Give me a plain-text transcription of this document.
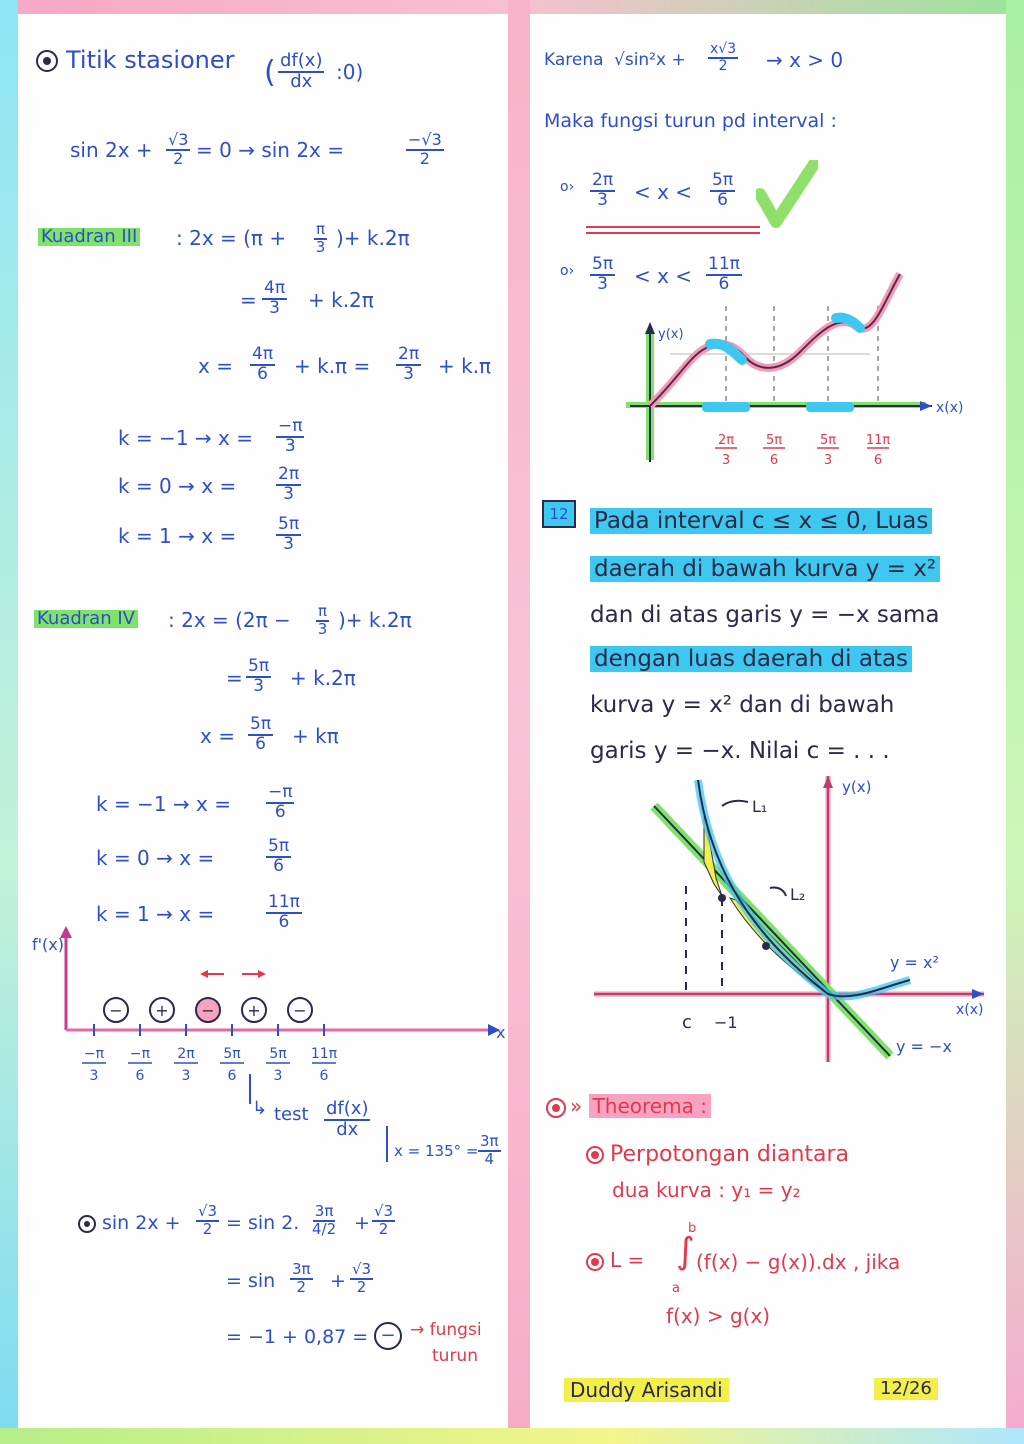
Titik stasioner ( $\frac{df(x)}{dx}$ :0)
$\sin 2x + \frac{√3}{2} = 0 \to \sin 2x$ =	$\frac{-√3}{2}$
Kuadran III : $2x = (\pi + \frac{\pi}{3}$ )+ k.2π
= $\frac{4\pi}{3} + k.2\pi$
$x = \frac{4\pi}{6} + k.\pi = \frac{2\pi}{3} + k.\pi$
$k = -1 \to x = \frac{-\pi}{3}$
$k = 0 \to x = \frac{2\pi}{3}$
$k = 1 \to x = \frac{5\pi}{3}$
Kuadran IV : $2x = (2\pi - \frac{\pi}{3}$ )+ k.2π
= $\frac{5\pi}{3} + k.2\pi$
$x = \frac{5\pi}{6} + k\pi$
$k = -1 \to x = \frac{-\pi}{6}$
k = 0 → x =	$\frac{5\pi}{6}$
k = 1 → x =	$\frac{11\pi}{6}$
f'(x)
x
− + − + −
−π
3
−π
6
2π
3
5π
6
5π
3
11π
6
↳ test $\frac{df(x)}{dx}$
$x = 135^\circ = \frac{3\pi}{4}$
$\sin 2x + \frac{√3}{2} = \sin 2$. $\frac{3\pi}{4/2} + \frac{√3}{2}$
= $\sin \frac{3\pi}{2} + \frac{√3}{2}$
= −1 + 0,87 = − → fungsi
turun
Karena $√\sin^2x + \frac{x√3}{2} \to x > 0$
Maka fungsi turun pd interval :
o› $\frac{2\pi}{3} < x < \frac{5\pi}{6}$
o› $\frac{5\pi}{3} < x < \frac{11\pi}{6}$
y(x)
x(x)
2π
3
5π
6
5π
3
11π
6
12	Pada interval c ≤ x ≤ 0, Luas
daerah di bawah kurva y = x²
dan di atas garis y = −x sama
dengan luas daerah di atas
kurva y = x² dan di bawah
garis y = −x. Nilai c = . . .
y(x)
x(x)
L₁
L₂
y = x²
y = −x
c −1
» Theorema :
Perpotongan diantara
dua kurva : y₁ = y₂
L = ∫
b
a
(f(x) − g(x)).dx , jika
f(x) > g(x)
Duddy Arisandi	12/26
